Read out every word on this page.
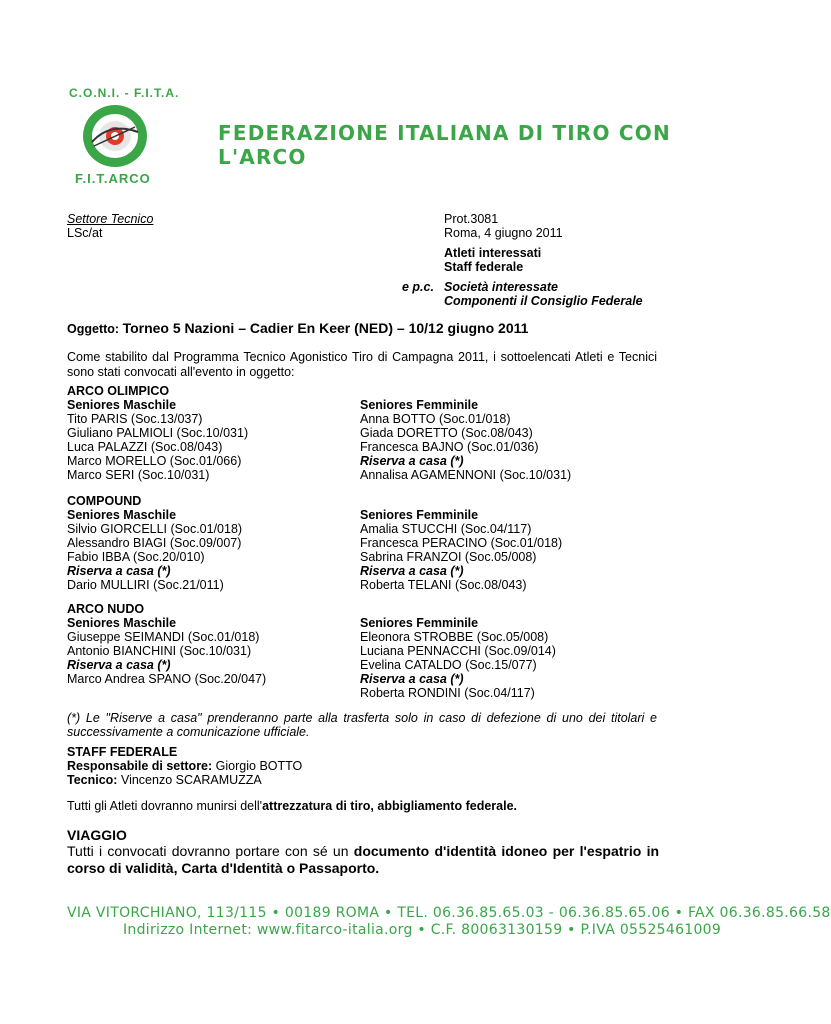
C.O.N.I. - F.I.T.A.
F.I.T.ARCO
FEDERAZIONE ITALIANA DI TIRO CON L'ARCO
Settore Tecnico
LSc/at
Prot.3081
Roma, 4 giugno 2011
Atleti interessati
Staff federale
e p.c. Società interessate
Componenti il Consiglio Federale
Oggetto: Torneo 5 Nazioni – Cadier En Keer (NED) – 10/12 giugno 2011
Come stabilito dal Programma Tecnico Agonistico Tiro di Campagna 2011, i sottoelencati Atleti e Tecnici sono stati convocati all'evento in oggetto:
ARCO OLIMPICO
Seniores Maschile
Tito PARIS (Soc.13/037)
Giuliano PALMIOLI (Soc.10/031)
Luca PALAZZI (Soc.08/043)
Marco MORELLO (Soc.01/066)
Marco SERI (Soc.10/031)
Seniores Femminile
Anna BOTTO (Soc.01/018)
Giada DORETTO (Soc.08/043)
Francesca BAJNO (Soc.01/036)
Riserva a casa (*)
Annalisa AGAMENNONI (Soc.10/031)
COMPOUND
Seniores Maschile
Silvio GIORCELLI (Soc.01/018)
Alessandro BIAGI (Soc.09/007)
Fabio IBBA (Soc.20/010)
Riserva a casa (*)
Dario MULLIRI (Soc.21/011)
Seniores Femminile
Amalia STUCCHI (Soc.04/117)
Francesca PERACINO (Soc.01/018)
Sabrina FRANZOI (Soc.05/008)
Riserva a casa (*)
Roberta TELANI (Soc.08/043)
ARCO NUDO
Seniores Maschile
Giuseppe SEIMANDI (Soc.01/018)
Antonio BIANCHINI (Soc.10/031)
Riserva a casa (*)
Marco Andrea SPANO (Soc.20/047)
Seniores Femminile
Eleonora STROBBE (Soc.05/008)
Luciana PENNACCHI (Soc.09/014)
Evelina CATALDO (Soc.15/077)
Riserva a casa (*)
Roberta RONDINI (Soc.04/117)
(*) Le "Riserve a casa" prenderanno parte alla trasferta solo in caso di defezione di uno dei titolari e successivamente a comunicazione ufficiale.
STAFF FEDERALE
Responsabile di settore: Giorgio BOTTO
Tecnico: Vincenzo SCARAMUZZA
Tutti gli Atleti dovranno munirsi dell'attrezzatura di tiro, abbigliamento federale.
VIAGGIO
Tutti i convocati dovranno portare con sé un documento d'identità idoneo per l'espatrio in corso di validità, Carta d'Identità o Passaporto.
VIA VITORCHIANO, 113/115 • 00189 ROMA • TEL. 06.36.85.65.03 - 06.36.85.65.06 • FAX 06.36.85.66.58
Indirizzo Internet: www.fitarco-italia.org • C.F. 80063130159 • P.IVA 05525461009
